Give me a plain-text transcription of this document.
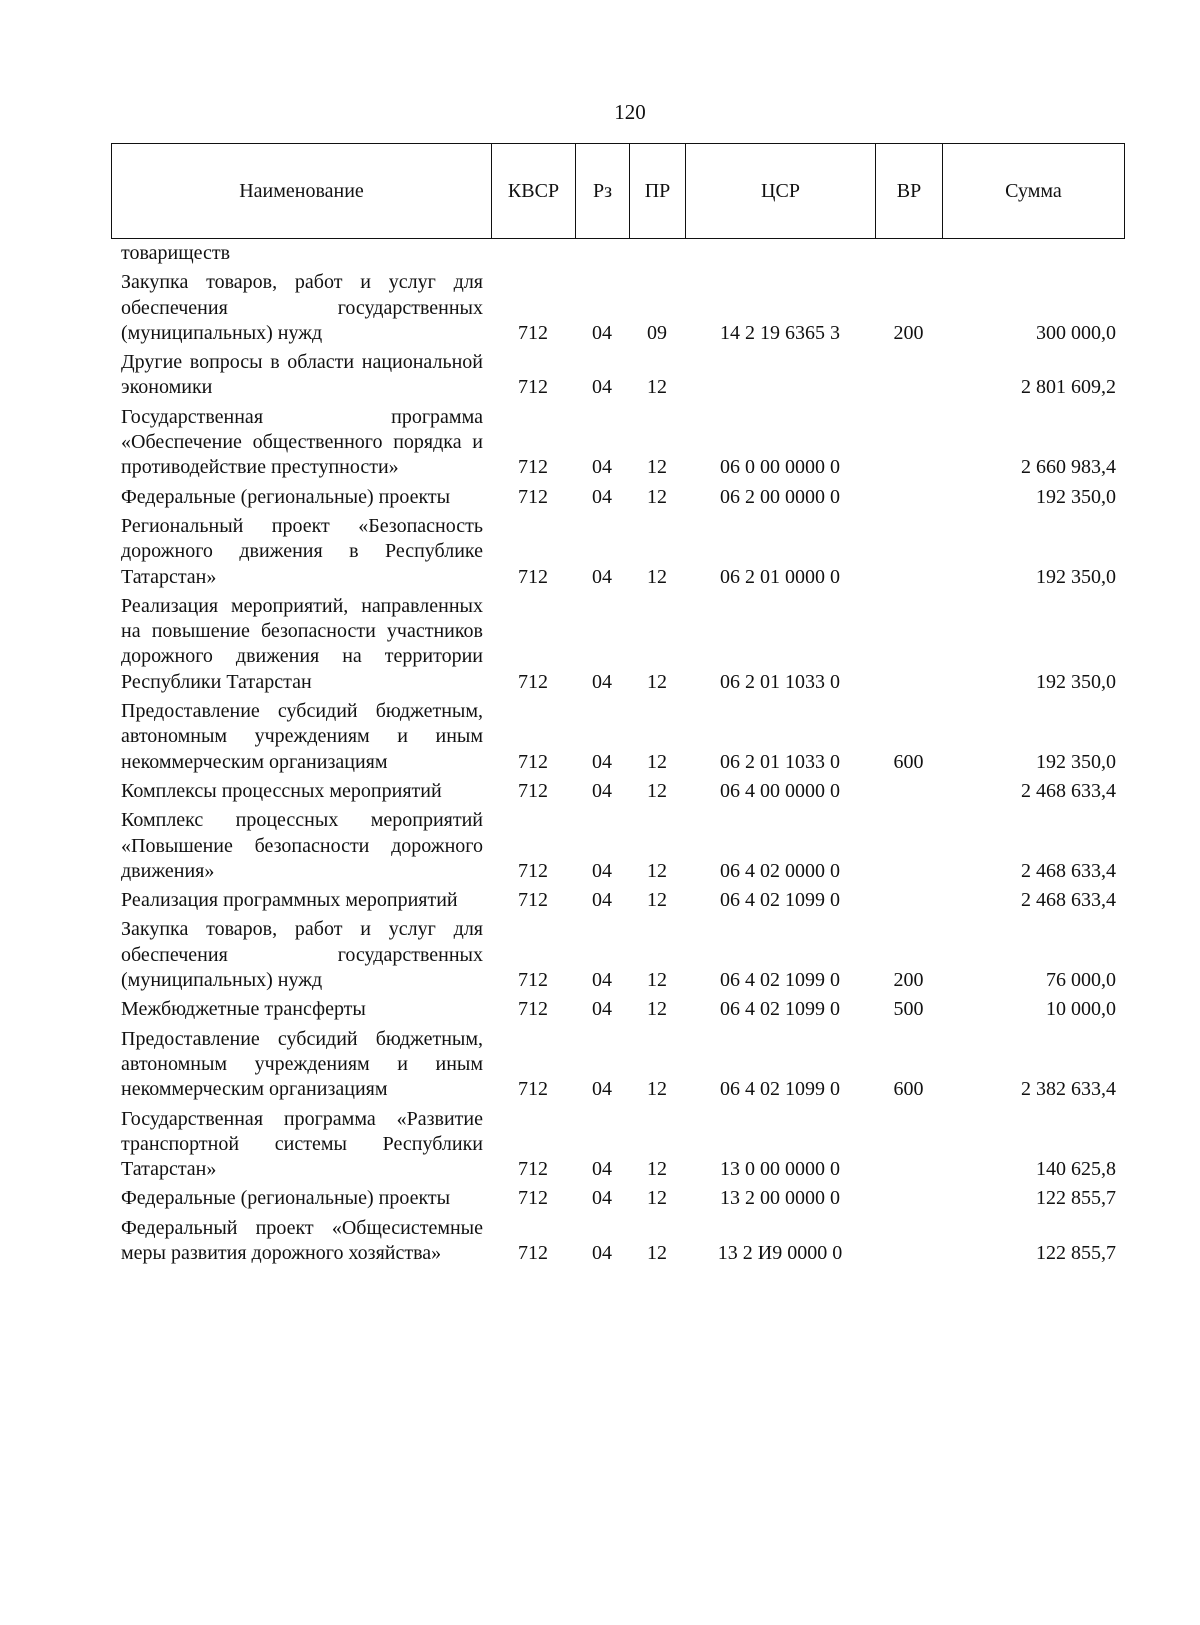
120
Наименование	КВСР	Рз	ПР	ЦСР	ВР	Сумма
товариществ						
Закупка товаров, работ и услуг для обеспечения государственных (муниципальных) нужд	712	04	09	14 2 19 6365 3	200	300 000,0
Другие вопросы в области национальной экономики	712	04	12			2 801 609,2
Государственная программа «Обеспечение общественного порядка и противодействие преступности»	712	04	12	06 0 00 0000 0		2 660 983,4
Федеральные (региональные) проекты	712	04	12	06 2 00 0000 0		192 350,0
Региональный проект «Безопасность дорожного движения в Республике Татарстан»	712	04	12	06 2 01 0000 0		192 350,0
Реализация мероприятий, направленных на повышение безопасности участников дорожного движения на территории Республики Татарстан	712	04	12	06 2 01 1033 0		192 350,0
Предоставление субсидий бюджетным, автономным учреждениям и иным некоммерческим организациям	712	04	12	06 2 01 1033 0	600	192 350,0
Комплексы процессных мероприятий	712	04	12	06 4 00 0000 0		2 468 633,4
Комплекс процессных мероприятий «Повышение безопасности дорожного движения»	712	04	12	06 4 02 0000 0		2 468 633,4
Реализация программных мероприятий	712	04	12	06 4 02 1099 0		2 468 633,4
Закупка товаров, работ и услуг для обеспечения государственных (муниципальных) нужд	712	04	12	06 4 02 1099 0	200	76 000,0
Межбюджетные трансферты	712	04	12	06 4 02 1099 0	500	10 000,0
Предоставление субсидий бюджетным, автономным учреждениям и иным некоммерческим организациям	712	04	12	06 4 02 1099 0	600	2 382 633,4
Государственная программа «Развитие транспортной системы Республики Татарстан»	712	04	12	13 0 00 0000 0		140 625,8
Федеральные (региональные) проекты	712	04	12	13 2 00 0000 0		122 855,7
Федеральный проект «Общесистемные меры развития дорожного хозяйства»	712	04	12	13 2 И9 0000 0		122 855,7
